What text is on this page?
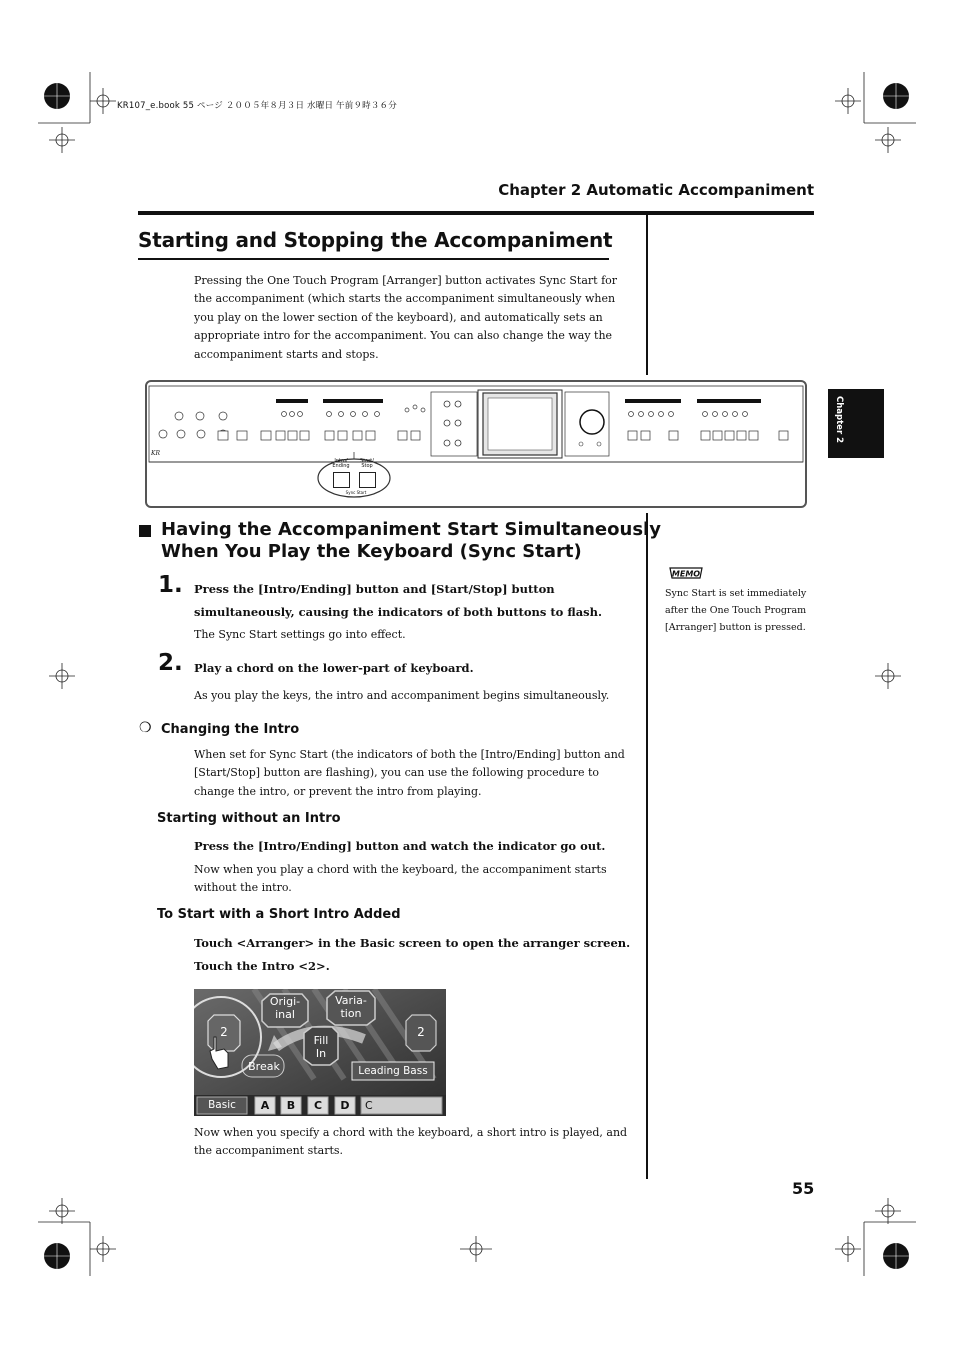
KR107_e.book 55 ページ ２００５年８月３日 水曜日 午前９時３６分
Chapter 2 Automatic Accompaniment
Chapter 2
Starting and Stopping the Accompaniment
Pressing the One Touch Program [Arranger] button activates Sync Start for the accompaniment (which starts the accompaniment simultaneously when you play on the lower section of the keyboard), and automatically sets an appropriate intro for the accompaniment. You can also change the way the accompaniment starts and stops.
KR
Intro/
Ending
Start/
Stop
Sync Start
Having the Accompaniment Start Simultaneously
When You Play the Keyboard (Sync Start)
1. Press the [Intro/Ending] button and [Start/Stop] button simultaneously, causing the indicators of both buttons to flash.
The Sync Start settings go into effect.
2. Play a chord on the lower-part of keyboard.
As you play the keys, the intro and accompaniment begins simultaneously.
MEMO
Sync Start is set immediately after the One Touch Program [Arranger] button is pressed.
❍ Changing the Intro
When set for Sync Start (the indicators of both the [Intro/Ending] button and [Start/Stop] button are flashing), you can use the following procedure to change the intro, or prevent the intro from playing.
Starting without an Intro
Press the [Intro/Ending] button and watch the indicator go out.
Now when you play a chord with the keyboard, the accompaniment starts without the intro.
To Start with a Short Intro Added
Touch <Arranger> in the Basic screen to open the arranger screen.
Touch the Intro <2>.
Origi-
inal
Varia-
tion
Fill
In
2	2
Break	Leading Bass
Basic	A	B	C	D	C
Now when you specify a chord with the keyboard, a short intro is played, and the accompaniment starts.
55
